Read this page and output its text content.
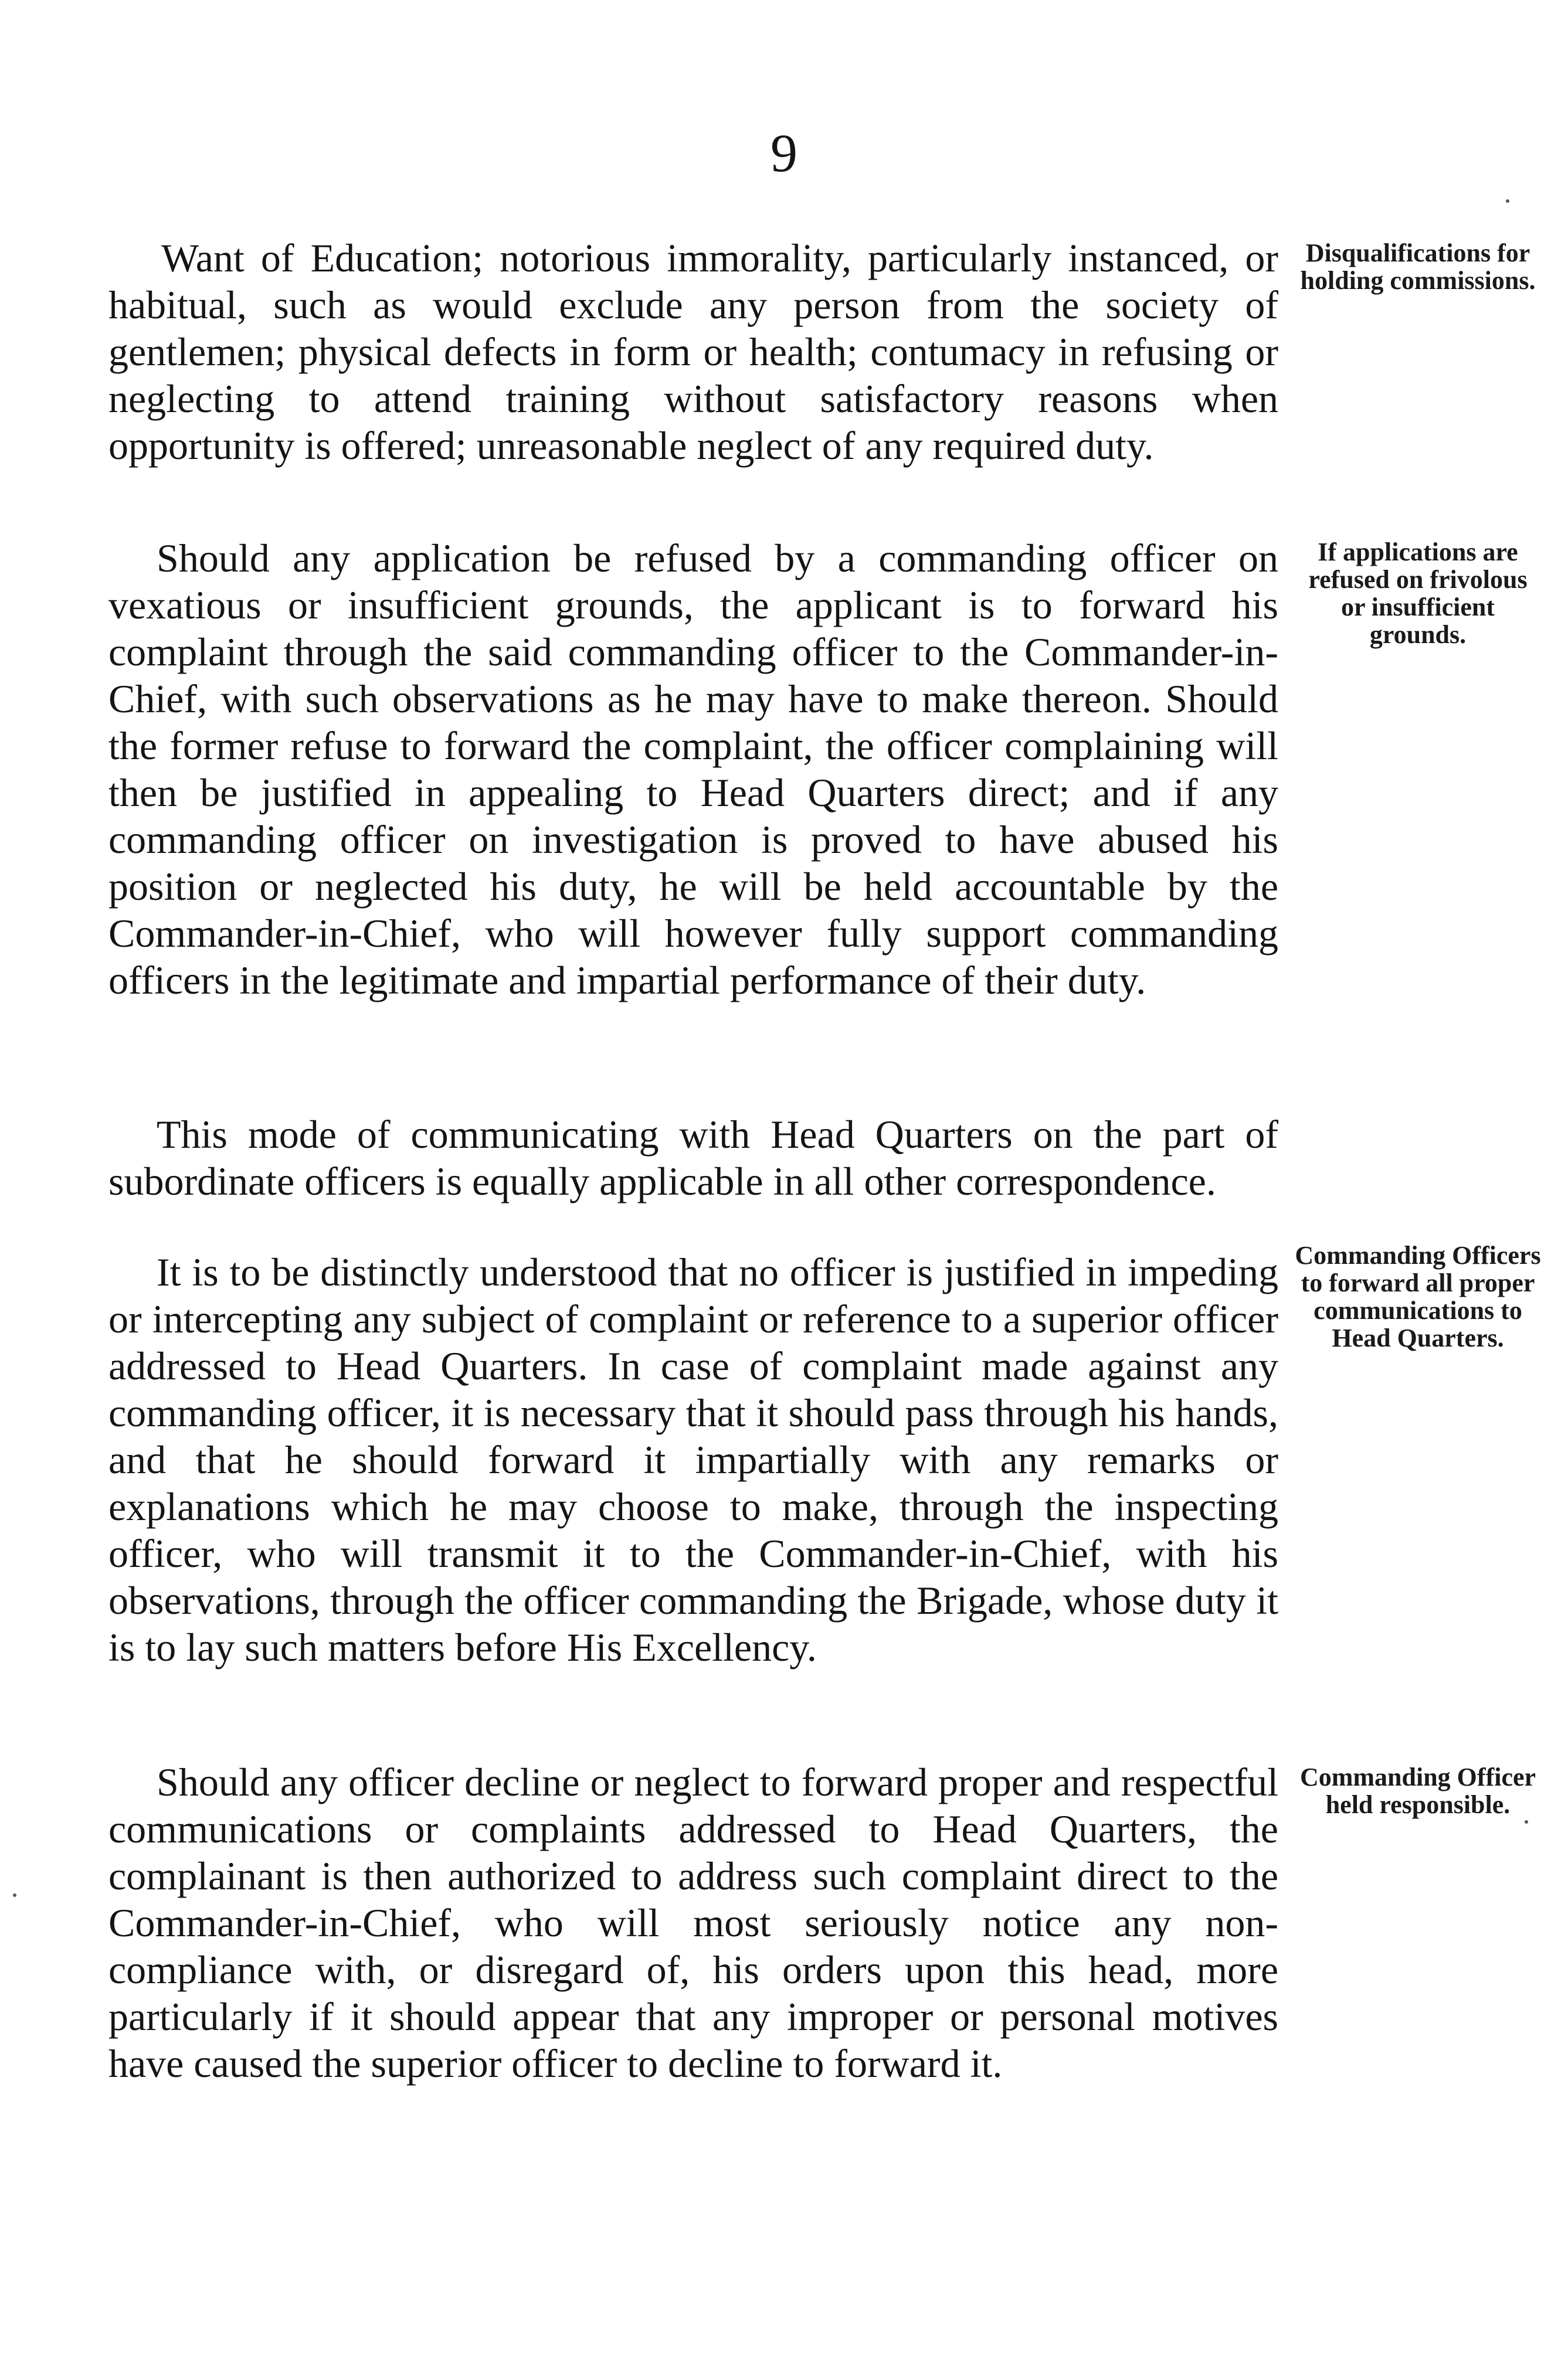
9

Want of Education; notorious immorality, particularly instanced, or habitual, such as would exclude any person from the society of gentlemen; physical defects in form or health; contumacy in refusing or neglecting to attend training without satisfactory reasons when opportunity is offered; unreasonable neglect of any required duty.

Should any application be refused by a commanding officer on vexatious or insufficient grounds, the applicant is to forward his complaint through the said commanding officer to the Commander-in-Chief, with such observations as he may have to make thereon. Should the former refuse to forward the complaint, the officer complaining will then be justified in appealing to Head Quarters direct; and if any commanding officer on investigation is proved to have abused his position or neglected his duty, he will be held accountable by the Commander-in-Chief, who will however fully support commanding officers in the legitimate and impartial performance of their duty.

This mode of communicating with Head Quarters on the part of subordinate officers is equally applicable in all other correspondence.

It is to be distinctly understood that no officer is justified in impeding or intercepting any subject of complaint or reference to a superior officer addressed to Head Quarters. In case of complaint made against any commanding officer, it is necessary that it should pass through his hands, and that he should forward it impartially with any remarks or explanations which he may choose to make, through the inspecting officer, who will transmit it to the Commander-in-Chief, with his observations, through the officer commanding the Brigade, whose duty it is to lay such matters before His Excellency.

Should any officer decline or neglect to forward proper and respectful communications or complaints addressed to Head Quarters, the complainant is then authorized to address such complaint direct to the Commander-in-Chief, who will most seriously notice any non-compliance with, or disregard of, his orders upon this head, more particularly if it should appear that any improper or personal motives have caused the superior officer to decline to forward it.

Disqualifications for holding commissions.
If applications are refused on frivolous or insufficient grounds.
Commanding Officers to forward all proper communications to Head Quarters.
Commanding Officer held responsible.
